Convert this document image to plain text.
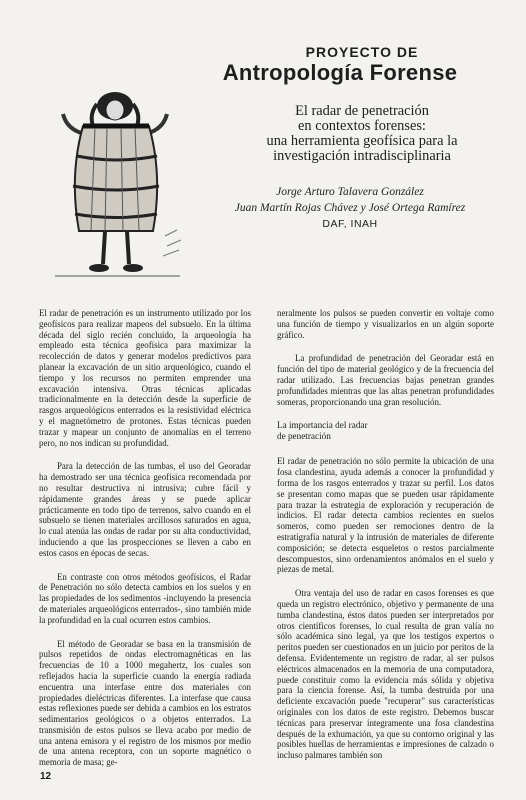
PROYECTO DE
Antropología Forense
El radar de penetración
en contextos forenses:
una herramienta geofísica para la
investigación intradisciplinaria
Jorge Arturo Talavera González
Juan Martín Rojas Chávez y José Ortega Ramírez
DAF, INAH

El radar de penetración es un instrumento utilizado por los geofísicos para realizar mapeos del subsuelo. En la última década del siglo recién concluido, la arqueología ha empleado esta técnica geofísica para maximizar la recolección de datos y generar modelos predictivos para planear la excavación de un sitio arqueológico, cuando el tiempo y los recursos no permiten emprender una excavación intensiva. Otras técnicas aplicadas tradicionalmente en la detección desde la superficie de rasgos arqueológicos enterrados es la resistividad eléctrica y el magnetómetro de protones. Estas técnicas pueden trazar y mapear un conjunto de anomalías en el terreno pero, no nos indican su profundidad.

Para la detección de las tumbas, el uso del Georadar ha demostrado ser una técnica geofísica recomendada por no resultar destructiva ni intrusiva; cubre fácil y rápidamente grandes áreas y se puede aplicar prácticamente en todo tipo de terrenos, salvo cuando en el subsuelo se tienen materiales arcillosos saturados en agua, lo cual atenúa las ondas de radar por su alta conductividad, induciendo a que las prospecciones se lleven a cabo en estos casos en épocas de secas.

En contraste con otros métodos geofísicos, el Radar de Penetración no sólo detecta cambios en los suelos y en las propiedades de los sedimentos -incluyendo la presencia de materiales arqueológicos enterrados-, sino también mide la profundidad en la cual ocurren estos cambios.

El método de Georadar se basa en la transmisión de pulsos repetidos de ondas electromagnéticas en las frecuencias de 10 a 1000 megahertz, los cuales son reflejados hacia la superficie cuando la energía radiada encuentra una interfase entre dos materiales con propiedades dieléctricas diferentes. La interfase que causa estas reflexiones puede ser debida a cambios en los estratos sedimentarios geológicos o a objetos enterrados. La transmisión de estos pulsos se lleva acabo por medio de una antena emisora y el registro de los mismos por medio de una antena receptora, con un soporte magnético o memoria de masa; ge-

neralmente los pulsos se pueden convertir en voltaje como una función de tiempo y visualizarlos en un algún soporte gráfico.

La profundidad de penetración del Georadar está en función del tipo de material geológico y de la frecuencia del radar utilizado. Las frecuencias bajas penetran grandes profundidades mientras que las altas penetran profundidades someras, proporcionando una gran resolución.

La importancia del radar
de penetración

El radar de penetración no sólo permite la ubicación de una fosa clandestina, ayuda además a conocer la profundidad y forma de los rasgos enterrados y trazar su perfil. Los datos se presentan como mapas que se pueden usar rápidamente para trazar la estrategia de exploración y recuperación de indicios. El radar detecta cambios recientes en suelos someros, como pueden ser remociones dentro de la estratigrafía natural y la intrusión de materiales de diferente composición; se detecta esqueletos o restos parcialmente descompuestos, sino ordenamientos anómalos en el suelo y piezas de metal.

Otra ventaja del uso de radar en casos forenses es que queda un registro electrónico, objetivo y permanente de una tumba clandestina, éstos datos pueden ser interpretados por otros científicos forenses, lo cual resulta de gran valía no sólo académica sino legal, ya que los testigos expertos o peritos pueden ser cuestionados en un juicio por peritos de la defensa. Evidentemente un registro de radar, al ser pulsos eléctricos almacenados en la memoria de una computadora, puede constituir como la evidencia más sólida y objetiva para la ciencia forense. Así, la tumba destruida por una deficiente excavación puede "recuperar" sus características originales con los datos de este registro. Debemos buscar técnicas para preservar íntegramente una fosa clandestina después de la exhumación, ya que su contorno original y las posibles huellas de herramientas e impresiones de calzado o incluso palmares también son

12
